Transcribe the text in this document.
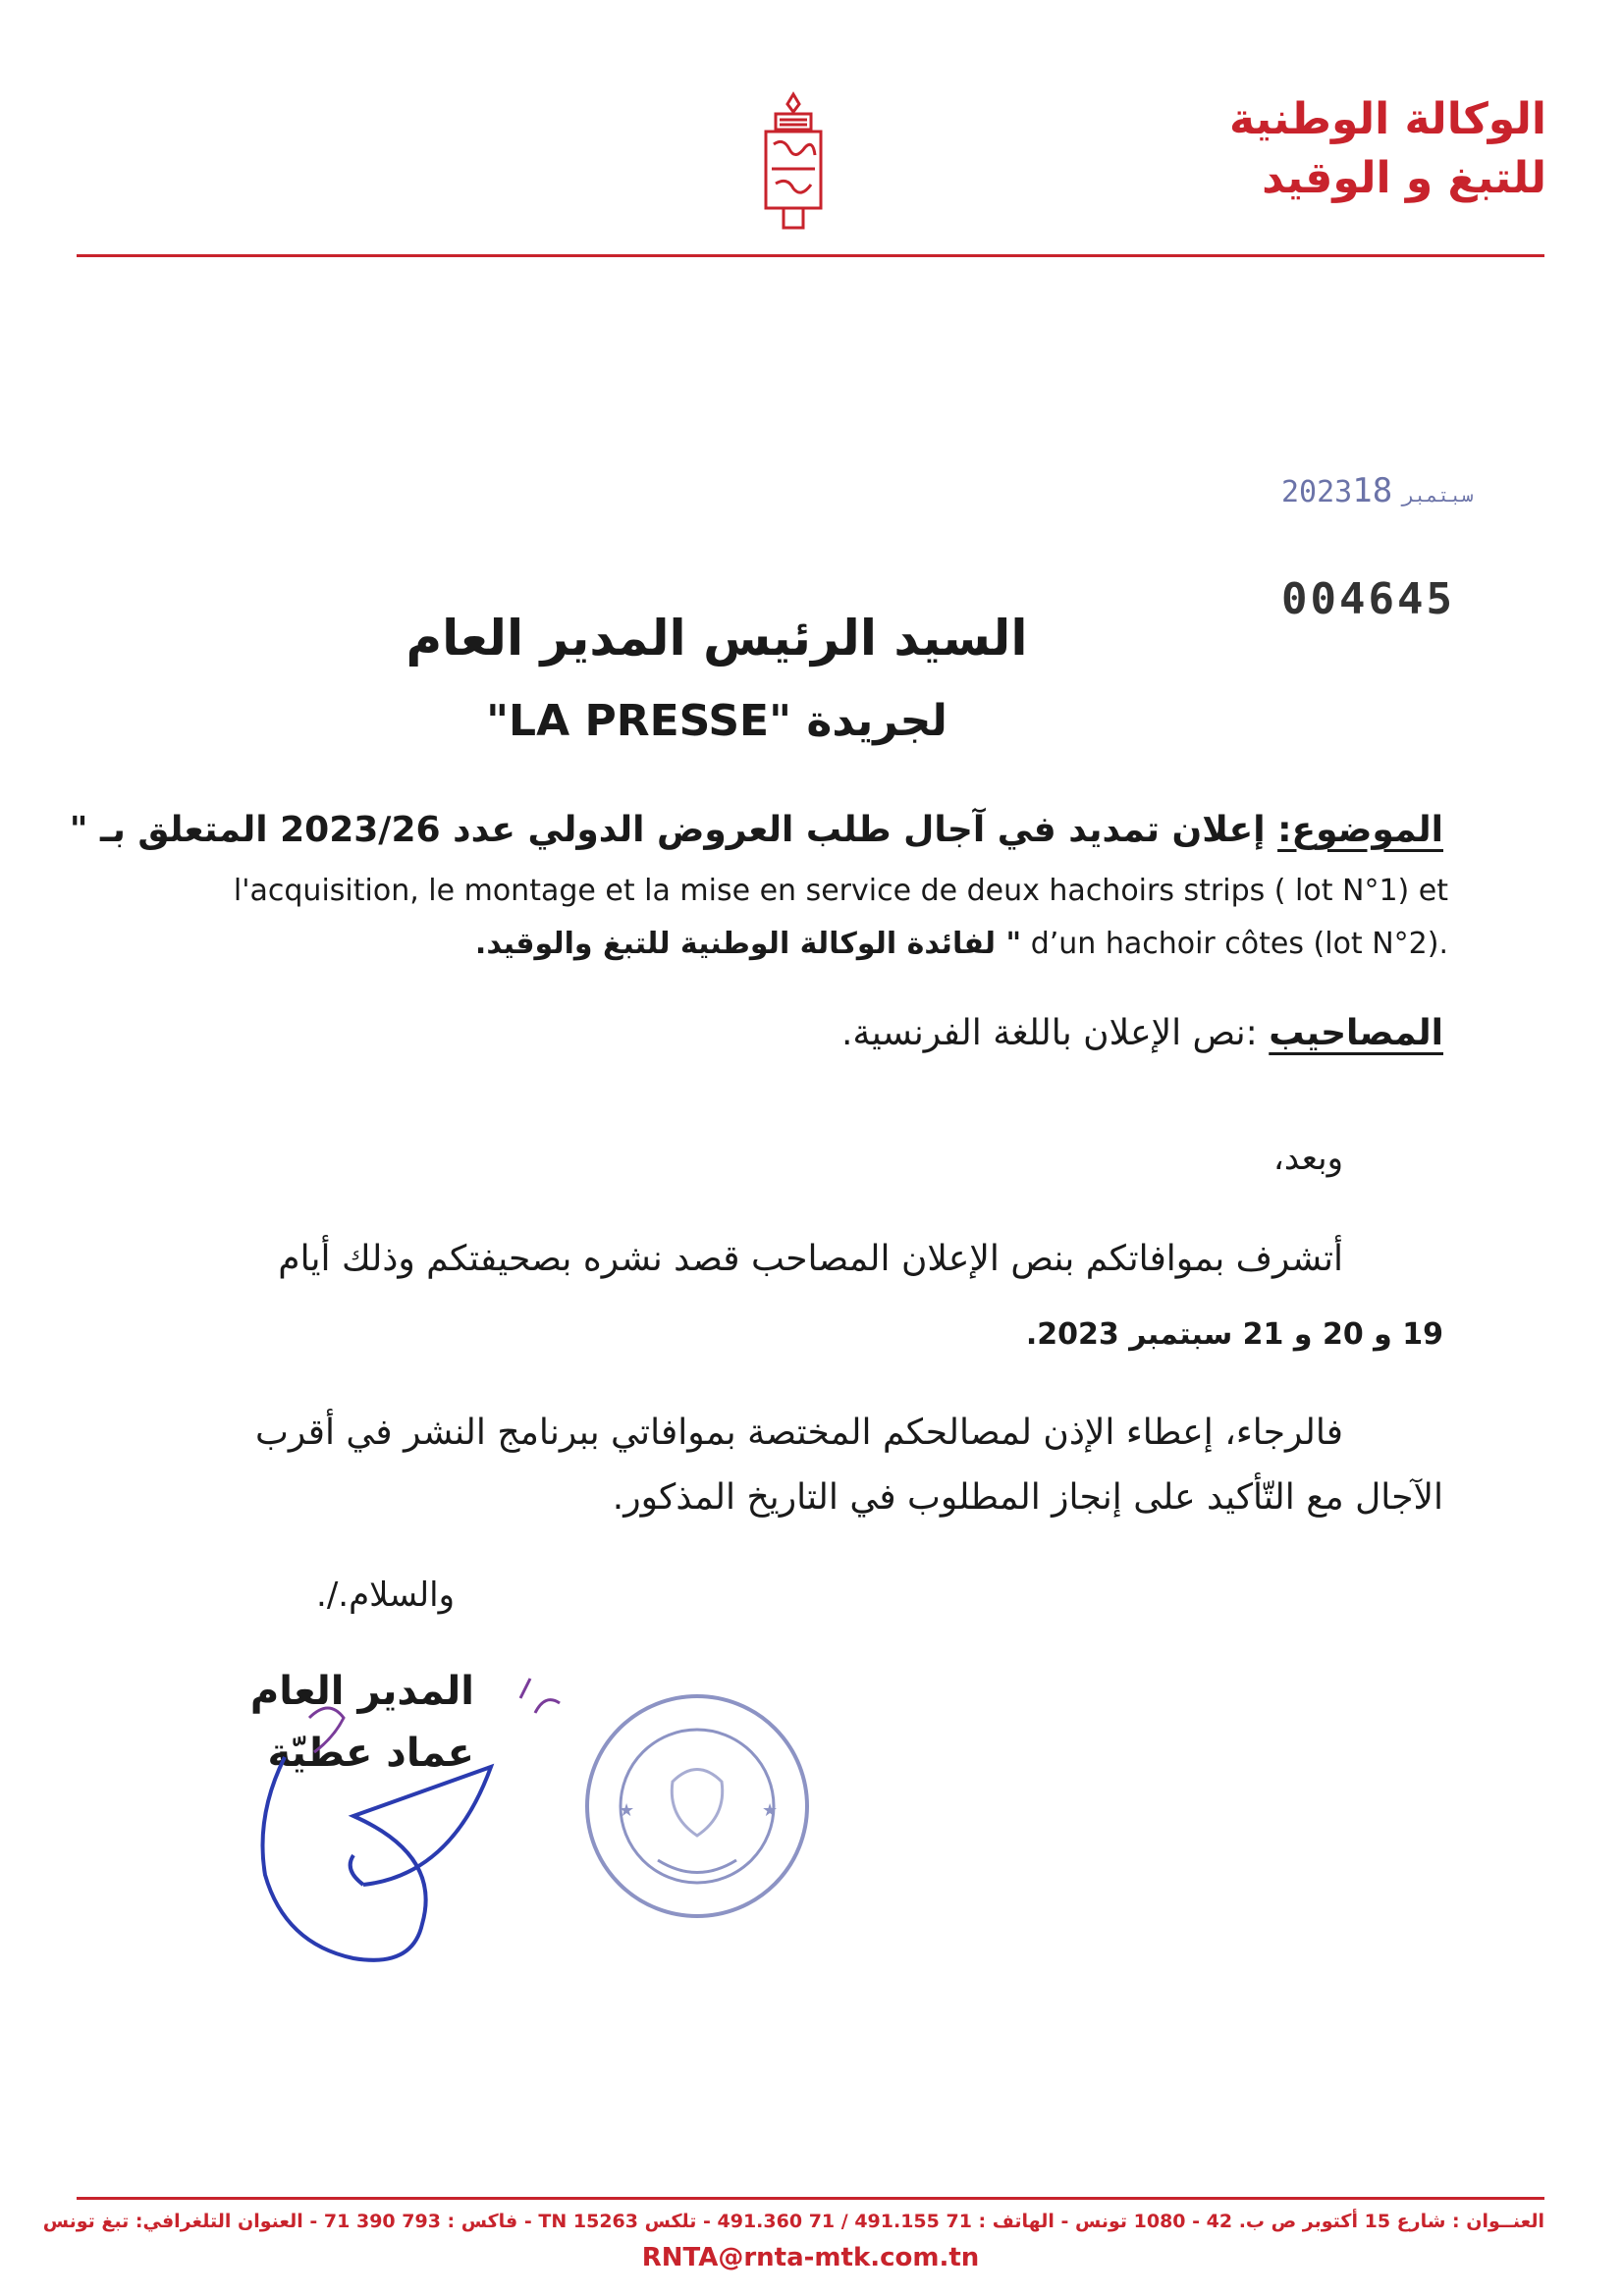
الوكالة الوطنية
للتبغ و الوقيد
2023	سبتمبر18
004645
السيد الرئيس المدير العام
لجريدة "LA PRESSE"
الموضوع: إعلان تمديد في آجال طلب العروض الدولي عدد 2023/26 المتعلق بـ "
l'acquisition, le montage et la mise en service de deux hachoirs strips ( lot N°1) et
" لفائدة الوكالة الوطنية للتبغ والوقيد. d’un hachoir côtes (lot N°2).
المصاحيب :نص الإعلان باللغة الفرنسية.
وبعد،
أتشرف بموافاتكم بنص الإعلان المصاحب قصد نشره بصحيفتكم وذلك أيام
19 و 20 و 21 سبتمبر 2023.
فالرجاء، إعطاء الإذن لمصالحكم المختصة بموافاتي ببرنامج النشر في أقرب
الآجال مع التّأكيد على إنجاز المطلوب في التاريخ المذكور.
والسلام./.
المدير العام
عماد عطيّة
★	★
العنــوان : شارع 15 أكتوبر ص ب. 42 - 1080 تونس - الهاتف : 71 491.155 / 71 491.360 - تلكس 15263 TN - فاكس : 793 390 71 - العنوان التلغرافي: تبغ تونس
RNTA@rnta-mtk.com.tn
